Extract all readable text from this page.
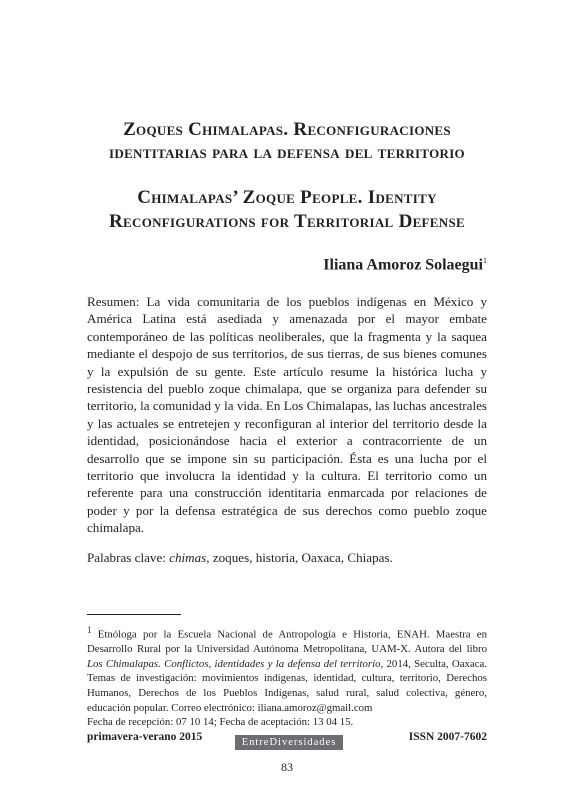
Zoques Chimalapas. Reconfiguraciones
identitarias para la defensa del territorio
Chimalapas’ Zoque People. Identity
Reconfigurations for Territorial Defense
Iliana Amoroz Solaegui$^1$
Resumen: La vida comunitaria de los pueblos indígenas en México y América Latina está asediada y amenazada por el mayor embate contemporáneo de las políticas neoliberales, que la fragmenta y la saquea mediante el despojo de sus territorios, de sus tierras, de sus bienes comunes y la expulsión de su gente. Este artículo resume la histórica lucha y resistencia del pueblo zoque chimalapa, que se organiza para defender su territorio, la comunidad y la vida. En Los Chimalapas, las luchas ancestrales y las actuales se entretejen y reconfiguran al interior del territorio desde la identidad, posicionándose hacia el exterior a contracorriente de un desarrollo que se impone sin su participación. Ésta es una lucha por el territorio que involucra la identidad y la cultura. El territorio como un referente para una construcción identitaria enmarcada por relaciones de poder y por la defensa estratégica de sus derechos como pueblo zoque chimalapa.
Palabras clave: chimas, zoques, historia, Oaxaca, Chiapas.
$^1$ Etnóloga por la Escuela Nacional de Antropología e Historia, ENAH. Maestra en Desarrollo Rural por la Universidad Autónoma Metropolitana, UAM-X. Autora del libro Los Chimalapas. Conflictos, identidades y la defensa del territorio, 2014, Seculta, Oaxaca. Temas de investigación: movimientos indígenas, identidad, cultura, territorio, Derechos Humanos, Derechos de los Pueblos Indígenas, salud rural, salud colectiva, género, educación popular. Correo electrónico: iliana.amoroz@gmail.com
Fecha de recepción: 07 10 14; Fecha de aceptación: 13 04 15.
primavera-verano 2015	EntreDiversidades	ISSN 2007-7602
83
